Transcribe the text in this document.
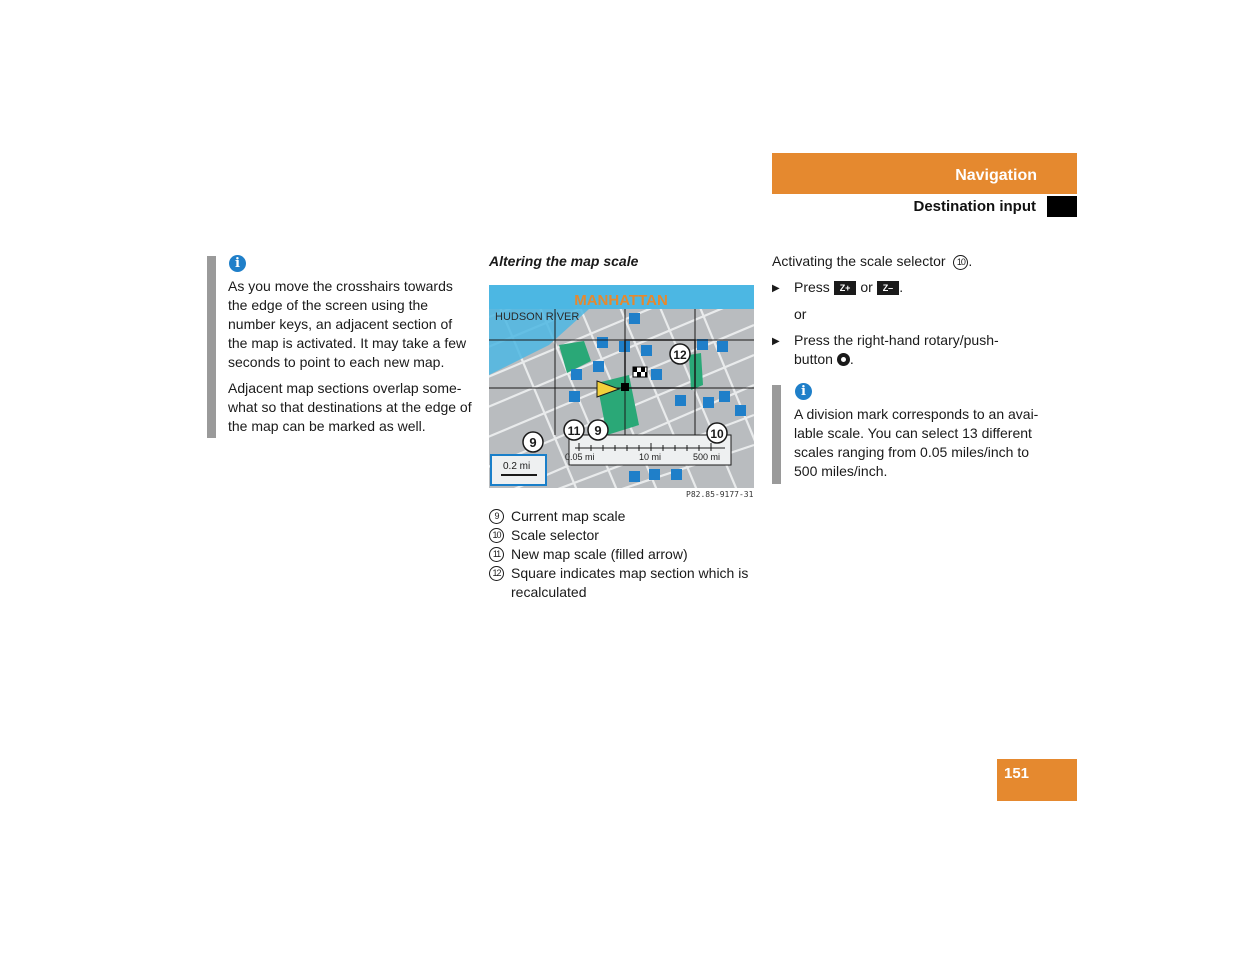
Navigation
Destination input
i

As you move the crosshairs towards the edge of the screen using the number keys, an adjacent section of the map is activated. It may take a few seconds to point to each new map.

Adjacent map sections overlap some-what so that destinations at the edge of the map can be marked as well.

Altering the map scale
MANHATTAN
HUDSON RIVER
0.05 mi	10 mi	500 mi
0.2 mi
9
11 9
12
10
P82.85-9177-31
9 Current map scale
10 Scale selector
11 New map scale (filled arrow)
12 Square indicates map section which is recalculated
Activating the scale selector 10 .
▶ Press Z+ or Z– .
or
▶ Press the right-hand rotary/push-
button .
i
A division mark corresponds to an avai-lable scale. You can select 13 different scales ranging from 0.05 miles/inch to 500 miles/inch.
151
